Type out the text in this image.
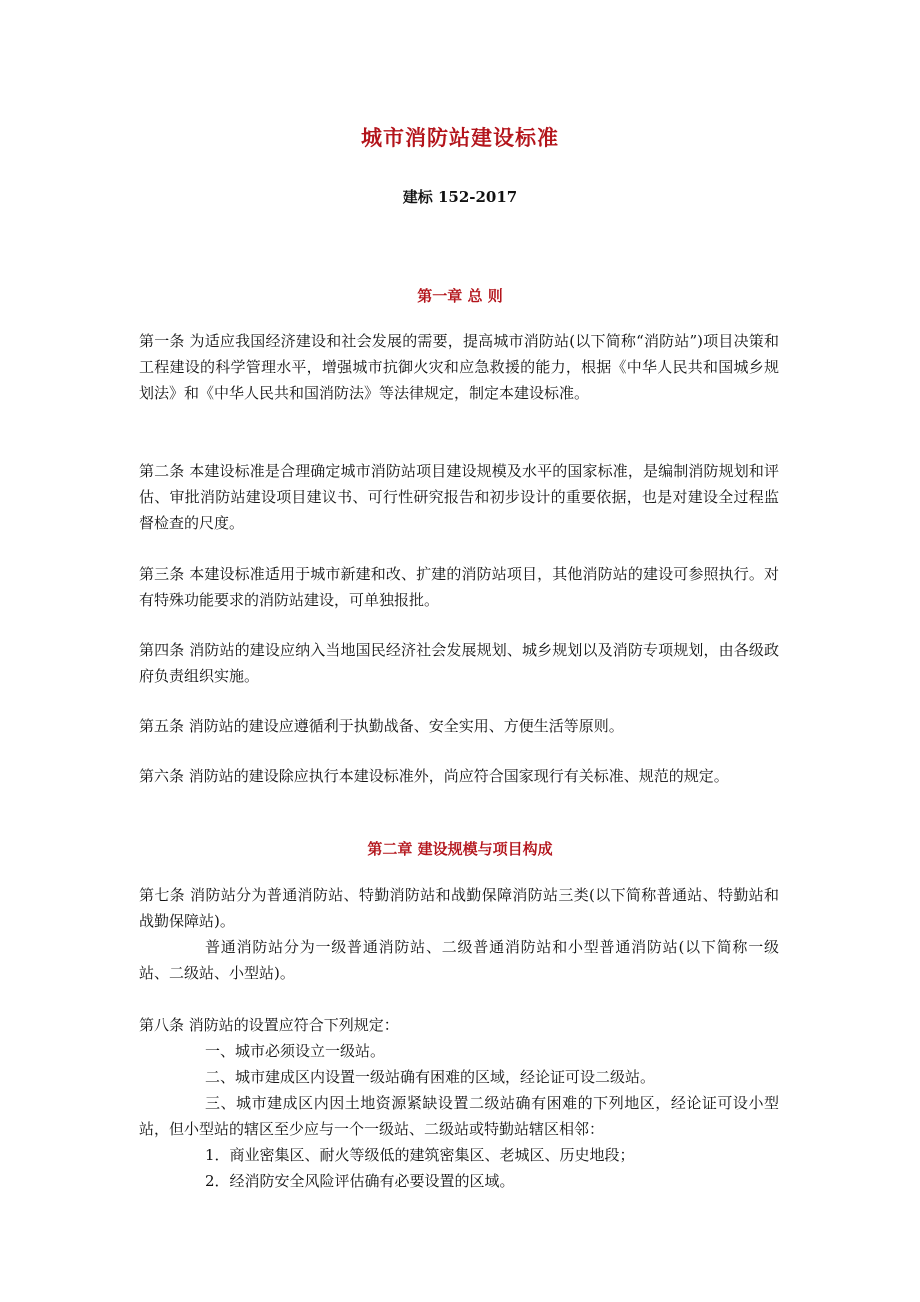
城市消防站建设标准
建标 152-2017
第一章 总 则

第一条 为适应我国经济建设和社会发展的需要，提高城市消防站(以下简称“消防站”)项目决策和工程建设的科学管理水平，增强城市抗御火灾和应急救援的能力，根据《中华人民共和国城乡规划法》和《中华人民共和国消防法》等法律规定，制定本建设标准。

第二条 本建设标准是合理确定城市消防站项目建设规模及水平的国家标准，是编制消防规划和评估、审批消防站建设项目建议书、可行性研究报告和初步设计的重要依据，也是对建设全过程监督检查的尺度。

第三条 本建设标准适用于城市新建和改、扩建的消防站项目，其他消防站的建设可参照执行。对有特殊功能要求的消防站建设，可单独报批。

第四条 消防站的建设应纳入当地国民经济社会发展规划、城乡规划以及消防专项规划，由各级政府负责组织实施。

第五条 消防站的建设应遵循利于执勤战备、安全实用、方便生活等原则。

第六条 消防站的建设除应执行本建设标准外，尚应符合国家现行有关标准、规范的规定。

第二章 建设规模与项目构成

第七条 消防站分为普通消防站、特勤消防站和战勤保障消防站三类(以下简称普通站、特勤站和战勤保障站)。

普通消防站分为一级普通消防站、二级普通消防站和小型普通消防站(以下简称一级站、二级站、小型站)。

第八条 消防站的设置应符合下列规定：

一、城市必须设立一级站。

二、城市建成区内设置一级站确有困难的区域，经论证可设二级站。

三、城市建成区内因土地资源紧缺设置二级站确有困难的下列地区，经论证可设小型站，但小型站的辖区至少应与一个一级站、二级站或特勤站辖区相邻：

1．商业密集区、耐火等级低的建筑密集区、老城区、历史地段；

2．经消防安全风险评估确有必要设置的区域。
